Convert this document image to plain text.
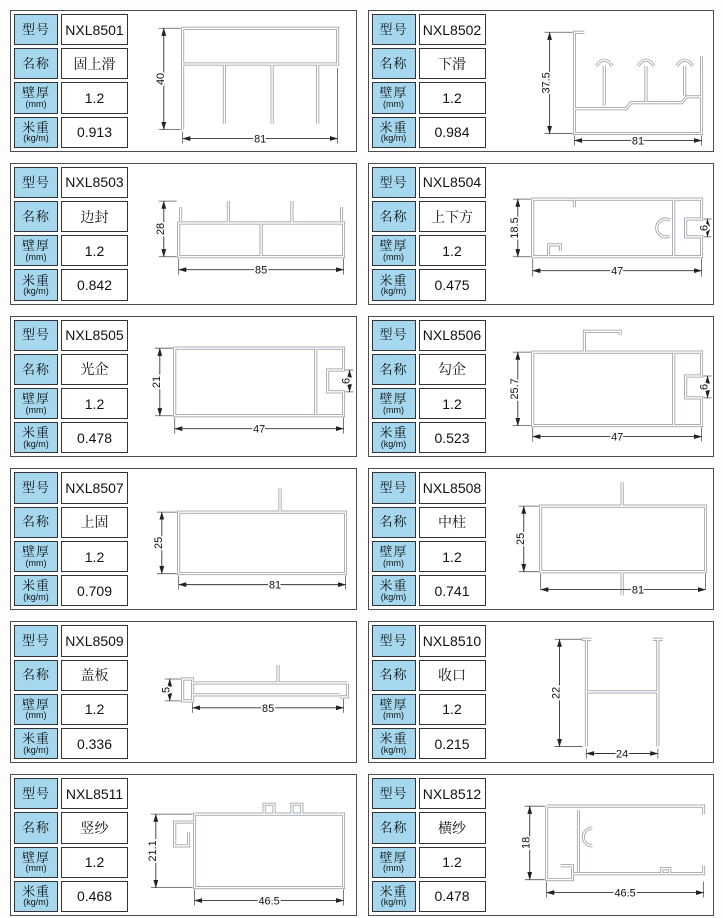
型号 NXL8501
名称 固上滑
壁厚
(mm)	1.2
米重
(kg/m) 0.913
40
81
型号 NXL8502
名称 下滑
壁厚
(mm)	1.2
米重
(kg/m) 0.984
37.5
81
型号 NXL8503
名称 边封
壁厚
(mm)	1.2
米重
(kg/m) 0.842
28
85
型号 NXL8504
名称 上下方
壁厚
(mm)	1.2
米重
(kg/m) 0.475
18.5
47
6
型号 NXL8505
名称 光企
壁厚
(mm)	1.2
米重
(kg/m) 0.478
21
47
6
型号 NXL8506
名称 勾企
壁厚
(mm)	1.2
米重
(kg/m) 0.523
25.7
47
6
型号 NXL8507
名称 上固
壁厚
(mm)	1.2
米重
(kg/m) 0.709
25
81
型号 NXL8508
名称 中柱
壁厚
(mm)	1.2
米重
(kg/m) 0.741
25
81
型号 NXL8509
名称 盖板
壁厚
(mm)	1.2
米重
(kg/m) 0.336
5
85
型号 NXL8510
名称 收口
壁厚
(mm)	1.2
米重
(kg/m) 0.215
22
24
型号 NXL8511
名称 竖纱
壁厚
(mm)	1.2
米重
(kg/m) 0.468
21.1
46.5
型号 NXL8512
名称 横纱
壁厚
(mm)	1.2
米重
(kg/m) 0.478
18
46.5
